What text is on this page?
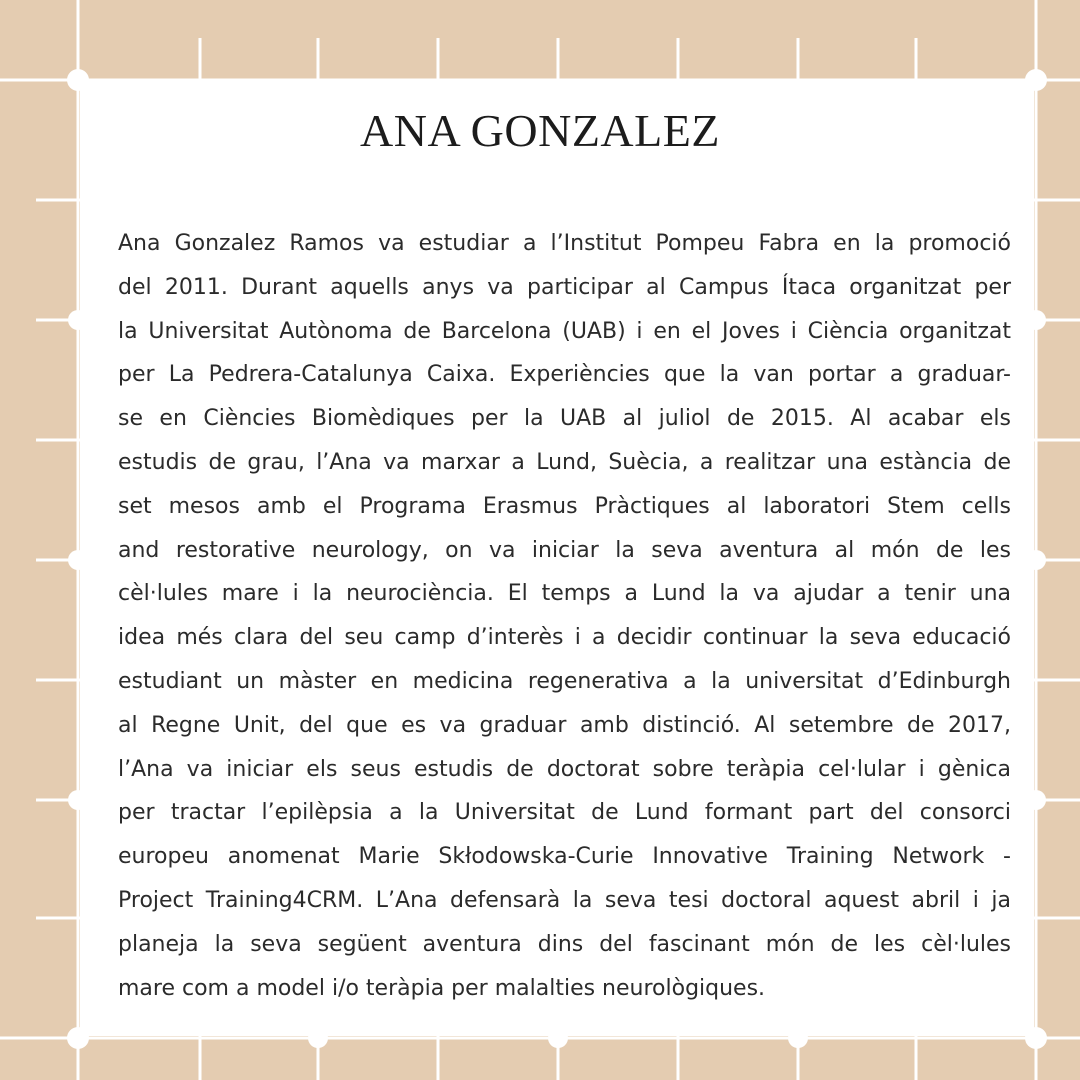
ANA GONZALEZ
Ana Gonzalez Ramos va estudiar a l’Institut Pompeu Fabra en la promoció
del 2011. Durant aquells anys va participar al Campus Ítaca organitzat per
la Universitat Autònoma de Barcelona (UAB) i en el Joves i Ciència organitzat
per La Pedrera-Catalunya Caixa. Experiències que la van portar a graduar-
se en Ciències Biomèdiques per la UAB al juliol de 2015. Al acabar els
estudis de grau, l’Ana va marxar a Lund, Suècia, a realitzar una estància de
set mesos amb el Programa Erasmus Pràctiques al laboratori Stem cells
and restorative neurology, on va iniciar la seva aventura al món de les
cèl·lules mare i la neurociència. El temps a Lund la va ajudar a tenir una
idea més clara del seu camp d’interès i a decidir continuar la seva educació
estudiant un màster en medicina regenerativa a la universitat d’Edinburgh
al Regne Unit, del que es va graduar amb distinció. Al setembre de 2017,
l’Ana va iniciar els seus estudis de doctorat sobre teràpia cel·lular i gènica
per tractar l’epilèpsia a la Universitat de Lund formant part del consorci
europeu anomenat Marie Skłodowska-Curie Innovative Training Network -
Project Training4CRM. L’Ana defensarà la seva tesi doctoral aquest abril i ja
planeja la seva següent aventura dins del fascinant món de les cèl·lules
mare com a model i/o teràpia per malalties neurològiques.
